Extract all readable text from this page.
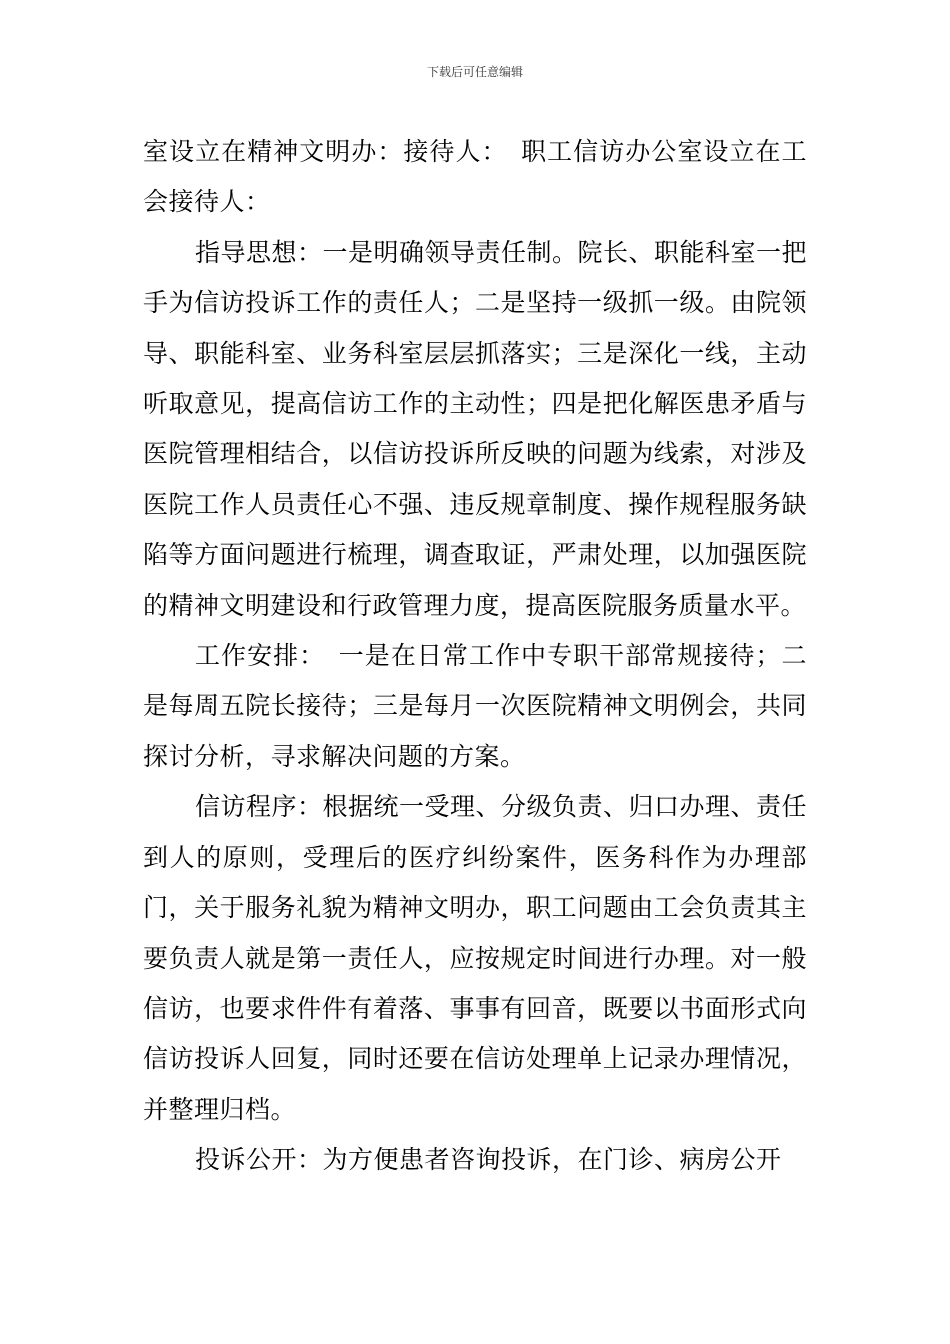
下载后可任意编辑

室设立在精神文明办：接待人：　职工信访办公室设立在工会接待人：

指导思想：一是明确领导责任制。院长、职能科室一把手为信访投诉工作的责任人；二是坚持一级抓一级。由院领导、职能科室、业务科室层层抓落实；三是深化一线，主动听取意见，提高信访工作的主动性；四是把化解医患矛盾与医院管理相结合，以信访投诉所反映的问题为线索，对涉及医院工作人员责任心不强、违反规章制度、操作规程服务缺陷等方面问题进行梳理，调查取证，严肃处理，以加强医院的精神文明建设和行政管理力度，提高医院服务质量水平。

工作安排：　一是在日常工作中专职干部常规接待；二是每周五院长接待；三是每月一次医院精神文明例会，共同探讨分析，寻求解决问题的方案。

信访程序：根据统一受理、分级负责、归口办理、责任到人的原则，受理后的医疗纠纷案件，医务科作为办理部门，关于服务礼貌为精神文明办，职工问题由工会负责其主要负责人就是第一责任人，应按规定时间进行办理。对一般信访，也要求件件有着落、事事有回音，既要以书面形式向信访投诉人回复，同时还要在信访处理单上记录办理情况，并整理归档。

投诉公开：为方便患者咨询投诉，在门诊、病房公开
